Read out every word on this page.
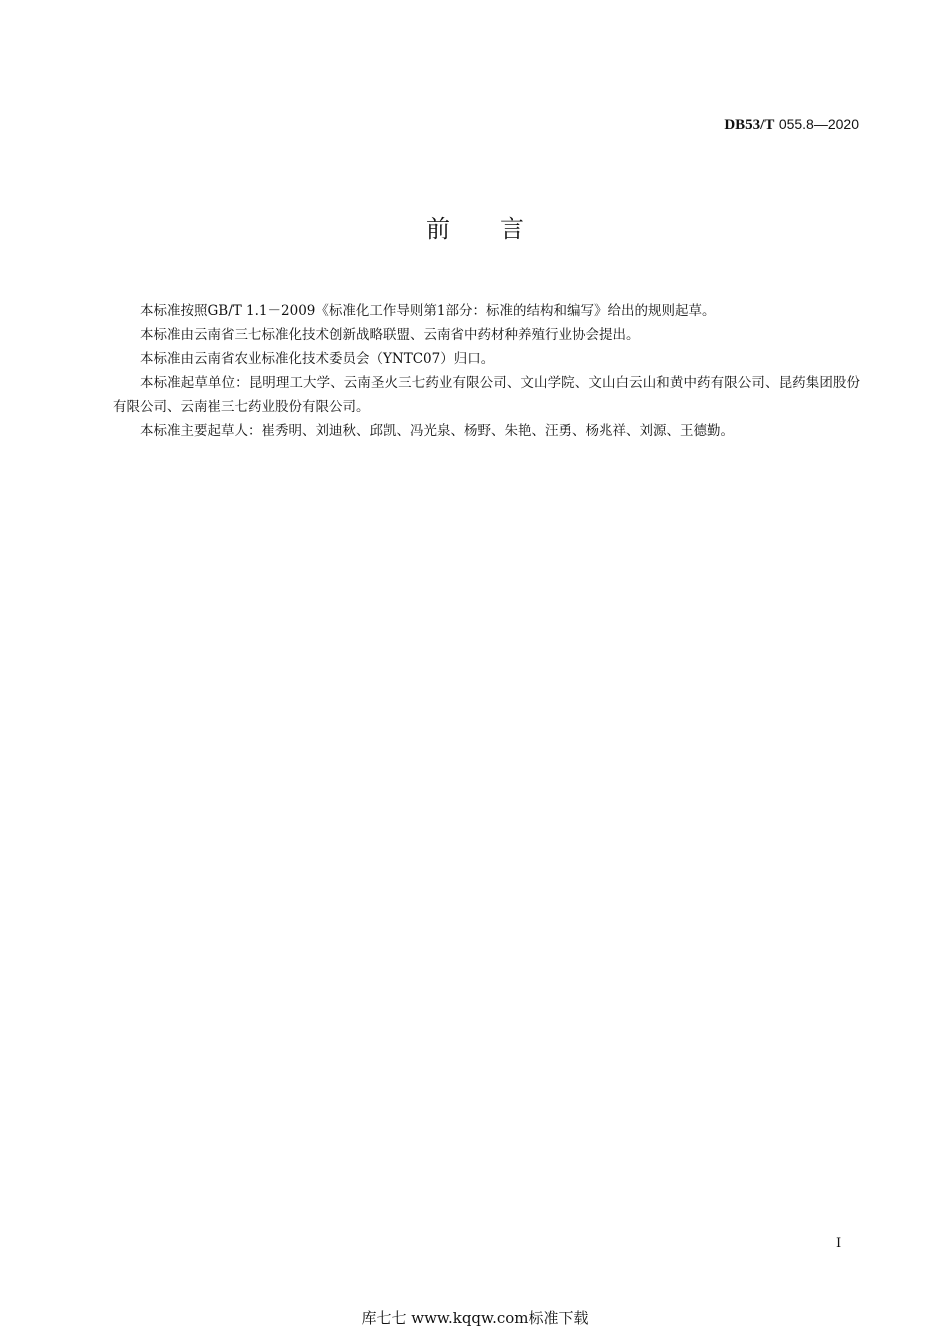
DB53/T 055.8—2020
前 言

本标准按照GB/T 1.1－2009《标准化工作导则第1部分：标准的结构和编写》给出的规则起草。

本标准由云南省三七标准化技术创新战略联盟、云南省中药材种养殖行业协会提出。

本标准由云南省农业标准化技术委员会（YNTC07）归口。

本标准起草单位：昆明理工大学、云南圣火三七药业有限公司、文山学院、文山白云山和黄中药有限公司、昆药集团股份有限公司、云南崔三七药业股份有限公司。

本标准主要起草人：崔秀明、刘迪秋、邱凯、冯光泉、杨野、朱艳、汪勇、杨兆祥、刘源、王德勤。

I
库七七 www.kqqw.com标准下载
